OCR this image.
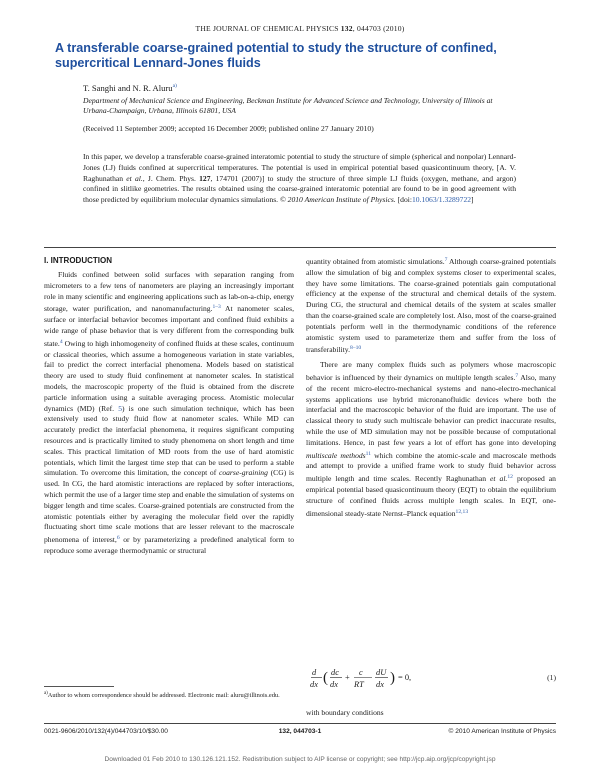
THE JOURNAL OF CHEMICAL PHYSICS 132, 044703 (2010)
A transferable coarse-grained potential to study the structure of confined, supercritical Lennard-Jones fluids
T. Sanghi and N. R. Aluru$^{a)}$
Department of Mechanical Science and Engineering, Beckman Institute for Advanced Science and Technology, University of Illinois at Urbana-Champaign, Urbana, Illinois 61801, USA
(Received 11 September 2009; accepted 16 December 2009; published online 27 January 2010)
In this paper, we develop a transferable coarse-grained interatomic potential to study the structure of simple (spherical and nonpolar) Lennard-Jones (LJ) fluids confined at supercritical temperatures. The potential is used in empirical potential based quasicontinuum theory, [A. V. Raghunathan et al., J. Chem. Phys. 127, 174701 (2007)] to study the structure of three simple LJ fluids (oxygen, methane, and argon) confined in slitlike geometries. The results obtained using the coarse-grained interatomic potential are found to be in good agreement with those predicted by equilibrium molecular dynamics simulations. © 2010 American Institute of Physics. [doi:10.1063/1.3289722]
I. INTRODUCTION

Fluids confined between solid surfaces with separation ranging from micrometers to a few tens of nanometers are playing an increasingly important role in many scientific and engineering applications such as lab-on-a-chip, energy storage, water purification, and nanomanufacturing.$^{1-3}$ At nanometer scales, surface or interfacial behavior becomes important and confined fluid exhibits a wide range of phase behavior that is very different from the corresponding bulk state.$^4$ Owing to high inhomogeneity of confined fluids at these scales, continuum or classical theories, which assume a homogeneous variation in state variables, fail to predict the correct interfacial phenomena. Models based on statistical theory are used to study fluid confinement at nanometer scales. In statistical models, the macroscopic property of the fluid is obtained from the discrete particle information using a suitable averaging process. Atomistic molecular dynamics (MD) (Ref. 5) is one such simulation technique, which has been extensively used to study fluid flow at nanometer scales. While MD can accurately predict the interfacial phenomena, it requires significant computing resources and is practically limited to study phenomena on short length and time scales. This practical limitation of MD roots from the use of hard atomistic potentials, which limit the largest time step that can be used to perform a stable simulation. To overcome this limitation, the concept of coarse-graining (CG) is used. In CG, the hard atomistic interactions are replaced by softer interactions, which permit the use of a larger time step and enable the simulation of systems on bigger length and time scales. Coarse-grained potentials are constructed from the atomistic potentials either by averaging the molecular field over the rapidly fluctuating short time scale motions that are lesser relevant to the macroscale phenomena of interest,$^6$ or by parameterizing a predefined analytical form to reproduce some average thermodynamic or structural

quantity obtained from atomistic simulations.$^7$ Although coarse-grained potentials allow the simulation of big and complex systems closer to experimental scales, they have some limitations. The coarse-grained potentials gain computational efficiency at the expense of the structural and chemical details of the system. During CG, the structural and chemical details of the system at scales smaller than the coarse-grained scale are completely lost. Also, most of the coarse-grained potentials perform well in the thermodynamic conditions of the reference atomistic system used to parameterize them and suffer from the loss of transferability.$^{8-10}$

There are many complex fluids such as polymers whose macroscopic behavior is influenced by their dynamics on multiple length scales.$^7$ Also, many of the recent micro-electro-mechanical systems and nano-electro-mechanical systems applications use hybrid micronanofluidic devices where both the interfacial and the macroscopic behavior of the fluid are important. The use of classical theory to study such multiscale behavior can predict inaccurate results, while the use of MD simulation may not be possible because of computational limitations. Hence, in past few years a lot of effort has gone into developing multiscale methods$^{11}$ which combine the atomic-scale and macroscale methods and attempt to provide a unified frame work to study fluid behavior across multiple length and time scales. Recently Raghunathan et al.$^{12}$ proposed an empirical potential based quasicontinuum theory (EQT) to obtain the equilibrium structure of confined fluids across multiple length scales. In EQT, one-dimensional steady-state Nernst–Planck equation$^{12,13}$

d
dx ( dc
dx
+
c
RT
dU
dx ) = 0,	(1)

with boundary conditions

$^{a)}$Author to whom correspondence should be addressed. Electronic mail: aluru@illinois.edu.
0021-9606/2010/132(4)/044703/10/$30.00	132, 044703-1	© 2010 American Institute of Physics
Downloaded 01 Feb 2010 to 130.126.121.152. Redistribution subject to AIP license or copyright; see http://jcp.aip.org/jcp/copyright.jsp
